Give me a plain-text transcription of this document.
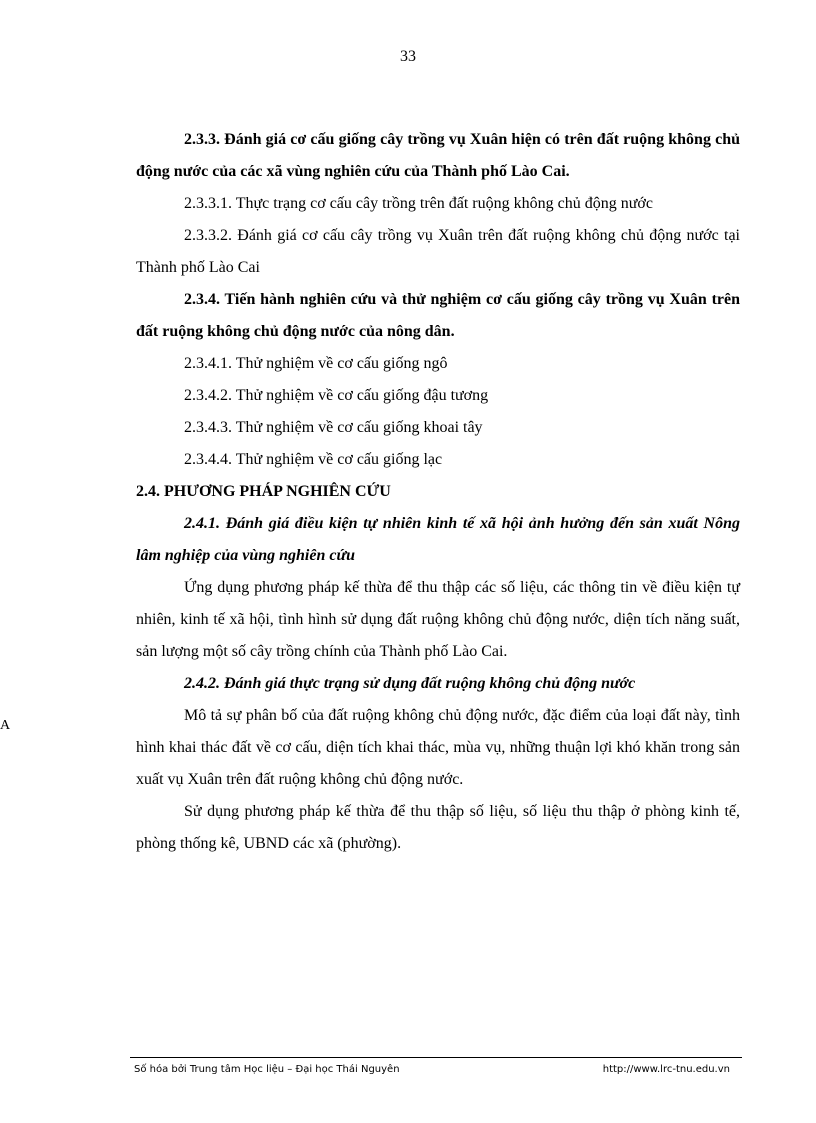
33
A

2.3.3. Đánh giá cơ cấu giống cây trồng vụ Xuân hiện có trên đất ruộng không chủ động nước của các xã vùng nghiên cứu của Thành phố Lào Cai.

2.3.3.1. Thực trạng cơ cấu cây trồng trên đất ruộng không chủ động nước

2.3.3.2. Đánh giá cơ cấu cây trồng vụ Xuân trên đất ruộng không chủ động nước tại Thành phố Lào Cai

2.3.4. Tiến hành nghiên cứu và thử nghiệm cơ cấu giống cây trồng vụ Xuân trên đất ruộng không chủ động nước của nông dân.

2.3.4.1. Thử nghiệm về cơ cấu giống ngô

2.3.4.2. Thử nghiệm về cơ cấu giống đậu tương

2.3.4.3. Thử nghiệm về cơ cấu giống khoai tây

2.3.4.4. Thử nghiệm về cơ cấu giống lạc

2.4. PHƯƠNG PHÁP NGHIÊN CỨU

2.4.1. Đánh giá điều kiện tự nhiên kinh tế xã hội ảnh hưởng đến sản xuất Nông lâm nghiệp của vùng nghiên cứu

Ứng dụng phương pháp kế thừa để thu thập các số liệu, các thông tin về điều kiện tự nhiên, kinh tế xã hội, tình hình sử dụng đất ruộng không chủ động nước, diện tích năng suất, sản lượng một số cây trồng chính của Thành phố Lào Cai.

2.4.2. Đánh giá thực trạng sử dụng đất ruộng không chủ động nước

Mô tả sự phân bố của đất ruộng không chủ động nước, đặc điểm của loại đất này, tình hình khai thác đất về cơ cấu, diện tích khai thác, mùa vụ, những thuận lợi khó khăn trong sản xuất vụ Xuân trên đất ruộng không chủ động nước.

Sử dụng phương pháp kế thừa để thu thập số liệu, số liệu thu thập ở phòng kinh tế, phòng thống kê, UBND các xã (phường).

Số hóa bởi Trung tâm Học liệu – Đại học Thái Nguyên	http://www.lrc-tnu.edu.vn
